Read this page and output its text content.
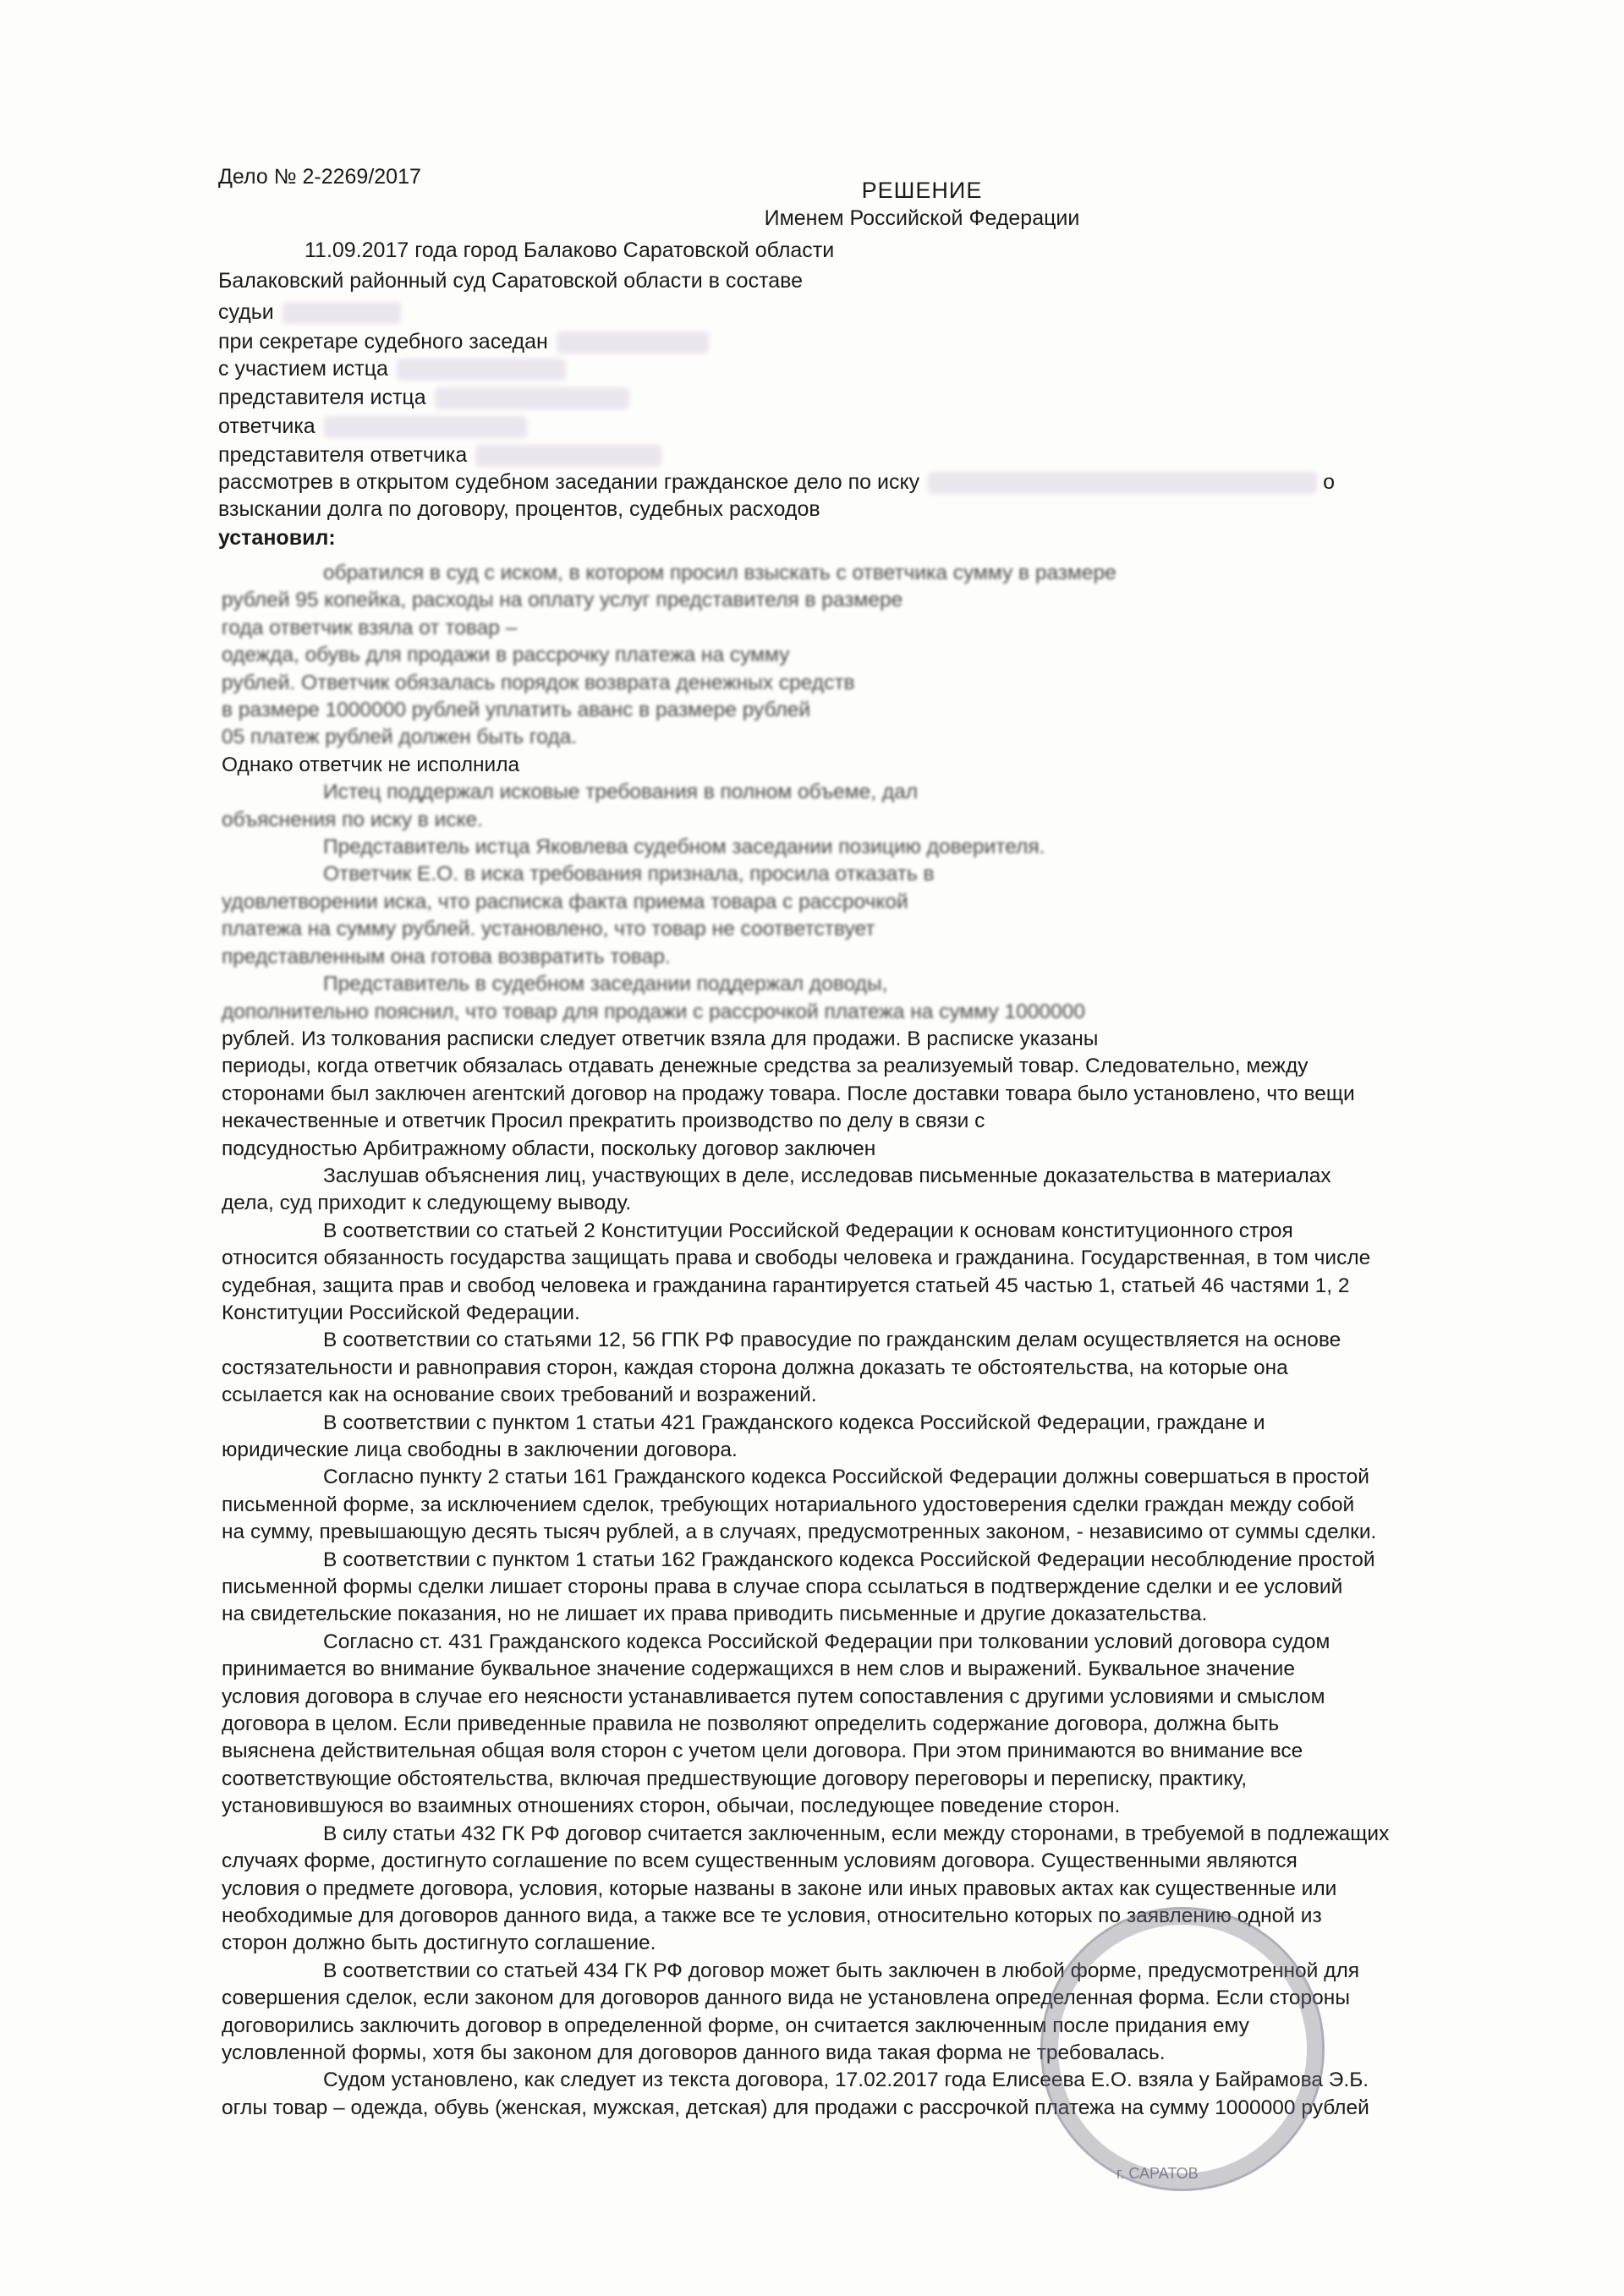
Дело № 2-2269/2017
РЕШЕНИЕ
Именем Российской Федерации
11.09.2017 года город Балаково Саратовской области
Балаковский районный суд Саратовской области в составе
судьи
при секретаре судебного заседан
с участием истца
представителя истца
ответчика
представителя ответчика
рассмотрев в открытом судебном заседании гражданское дело по иску	о
взыскании долга по договору, процентов, судебных расходов
установил:

обратился в суд с иском, в котором просил взыскать с ответчика сумму в размере

рублей 95 копейка, расходы на оплату услуг представителя в размере

года ответчик взяла от товар –

одежда, обувь для продажи в рассрочку платежа на сумму

рублей. Ответчик обязалась порядок возврата денежных средств

в размере 1000000 рублей уплатить аванс в размере рублей

05 платеж рублей должен быть года.

Однако ответчик не исполнила

Истец поддержал исковые требования в полном объеме, дал

объяснения по иску в иске.

Представитель истца Яковлева судебном заседании позицию доверителя.

Ответчик Е.О. в иска требования признала, просила отказать в

удовлетворении иска, что расписка факта приема товара с рассрочкой

платежа на сумму рублей. установлено, что товар не соответствует

представленным она готова возвратить товар.

Представитель в судебном заседании поддержал доводы,

дополнительно пояснил, что товар для продажи с рассрочкой платежа на сумму 1000000

рублей. Из толкования расписки следует ответчик взяла для продажи. В расписке указаны

периоды, когда ответчик обязалась отдавать денежные средства за реализуемый товар. Следовательно, между

сторонами был заключен агентский договор на продажу товара. После доставки товара было установлено, что вещи

некачественные и ответчик Просил прекратить производство по делу в связи с

подсудностью Арбитражному области, поскольку договор заключен

Заслушав объяснения лиц, участвующих в деле, исследовав письменные доказательства в материалах

дела, суд приходит к следующему выводу.

В соответствии со статьей 2 Конституции Российской Федерации к основам конституционного строя

относится обязанность государства защищать права и свободы человека и гражданина. Государственная, в том числе

судебная, защита прав и свобод человека и гражданина гарантируется статьей 45 частью 1, статьей 46 частями 1, 2

Конституции Российской Федерации.

В соответствии со статьями 12, 56 ГПК РФ правосудие по гражданским делам осуществляется на основе

состязательности и равноправия сторон, каждая сторона должна доказать те обстоятельства, на которые она

ссылается как на основание своих требований и возражений.

В соответствии с пунктом 1 статьи 421 Гражданского кодекса Российской Федерации, граждане и

юридические лица свободны в заключении договора.

Согласно пункту 2 статьи 161 Гражданского кодекса Российской Федерации должны совершаться в простой

письменной форме, за исключением сделок, требующих нотариального удостоверения сделки граждан между собой

на сумму, превышающую десять тысяч рублей, а в случаях, предусмотренных законом, - независимо от суммы сделки.

В соответствии с пунктом 1 статьи 162 Гражданского кодекса Российской Федерации несоблюдение простой

письменной формы сделки лишает стороны права в случае спора ссылаться в подтверждение сделки и ее условий

на свидетельские показания, но не лишает их права приводить письменные и другие доказательства.

Согласно ст. 431 Гражданского кодекса Российской Федерации при толковании условий договора судом

принимается во внимание буквальное значение содержащихся в нем слов и выражений. Буквальное значение

условия договора в случае его неясности устанавливается путем сопоставления с другими условиями и смыслом

договора в целом. Если приведенные правила не позволяют определить содержание договора, должна быть

выяснена действительная общая воля сторон с учетом цели договора. При этом принимаются во внимание все

соответствующие обстоятельства, включая предшествующие договору переговоры и переписку, практику,

установившуюся во взаимных отношениях сторон, обычаи, последующее поведение сторон.

В силу статьи 432 ГК РФ договор считается заключенным, если между сторонами, в требуемой в подлежащих

случаях форме, достигнуто соглашение по всем существенным условиям договора. Существенными являются

условия о предмете договора, условия, которые названы в законе или иных правовых актах как существенные или

необходимые для договоров данного вида, а также все те условия, относительно которых по заявлению одной из

сторон должно быть достигнуто соглашение.

В соответствии со статьей 434 ГК РФ договор может быть заключен в любой форме, предусмотренной для

совершения сделок, если законом для договоров данного вида не установлена определенная форма. Если стороны

договорились заключить договор в определенной форме, он считается заключенным после придания ему

условленной формы, хотя бы законом для договоров данного вида такая форма не требовалась.

Судом установлено, как следует из текста договора, 17.02.2017 года Елисеева Е.О. взяла у Байрамова Э.Б.

оглы товар – одежда, обувь (женская, мужская, детская) для продажи с рассрочкой платежа на сумму 1000000 рублей

г. САРАТОВ
